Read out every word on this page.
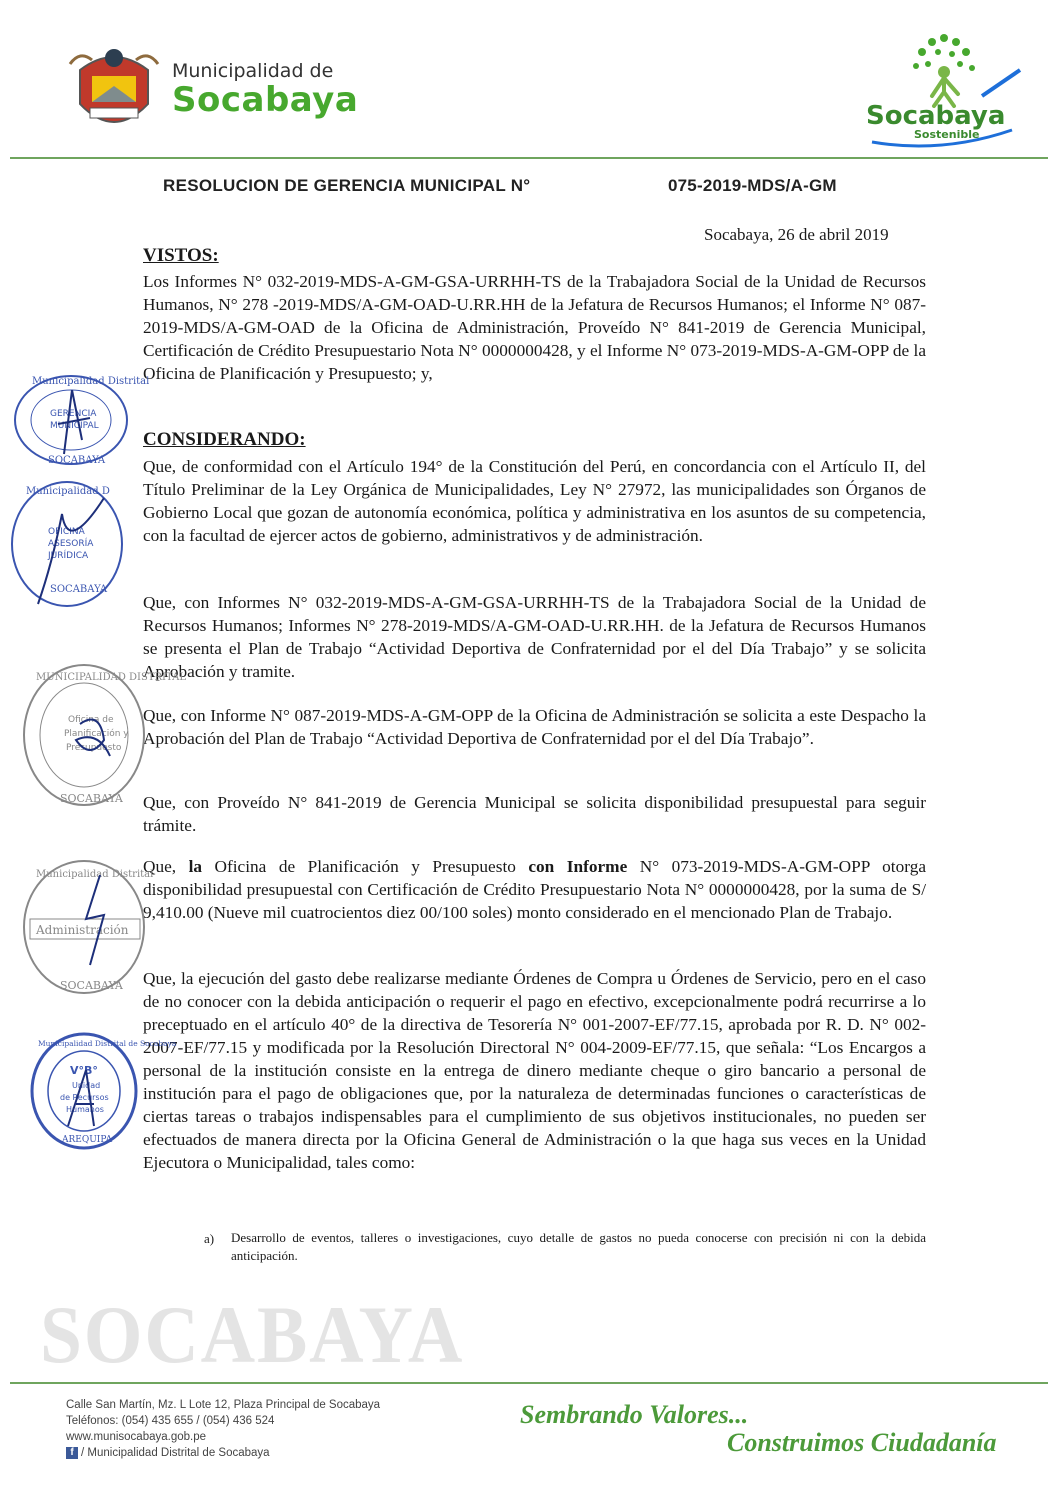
Municipalidad de
Socabaya	Socabaya
Sostenible
RESOLUCION DE GERENCIA MUNICIPAL N°	075-2019-MDS/A-GM
Socabaya, 26 de abril 2019
VISTOS:
Los Informes N° 032-2019-MDS-A-GM-GSA-URRHH-TS de la Trabajadora Social de la Unidad de Recursos Humanos, N° 278 -2019-MDS/A-GM-OAD-U.RR.HH de la Jefatura de Recursos Humanos; el Informe N° 087-2019-MDS/A-GM-OAD de la Oficina de Administración, Proveído N° 841-2019 de Gerencia Municipal, Certificación de Crédito Presupuestario Nota N° 0000000428, y el Informe N° 073-2019-MDS-A-GM-OPP de la Oficina de Planificación y Presupuesto; y,
CONSIDERANDO:
Que, de conformidad con el Artículo 194° de la Constitución del Perú, en concordancia con el Artículo II, del Título Preliminar de la Ley Orgánica de Municipalidades, Ley N° 27972, las municipalidades son Órganos de Gobierno Local que gozan de autonomía económica, política y administrativa en los asuntos de su competencia, con la facultad de ejercer actos de gobierno, administrativos y de administración.
Que, con Informes N° 032-2019-MDS-A-GM-GSA-URRHH-TS de la Trabajadora Social de la Unidad de Recursos Humanos; Informes N° 278-2019-MDS/A-GM-OAD-U.RR.HH. de la Jefatura de Recursos Humanos se presenta el Plan de Trabajo “Actividad Deportiva de Confraternidad por el del Día Trabajo” y se solicita Aprobación y tramite.
Que, con Informe N° 087-2019-MDS-A-GM-OPP de la Oficina de Administración se solicita a este Despacho la Aprobación del Plan de Trabajo “Actividad Deportiva de Confraternidad por el del Día Trabajo”.
Que, con Proveído N° 841-2019 de Gerencia Municipal se solicita disponibilidad presupuestal para seguir trámite.
Que, la Oficina de Planificación y Presupuesto con Informe N° 073-2019-MDS-A-GM-OPP otorga disponibilidad presupuestal con Certificación de Crédito Presupuestario Nota N° 0000000428, por la suma de S/ 9,410.00 (Nueve mil cuatrocientos diez 00/100 soles) monto considerado en el mencionado Plan de Trabajo.
Que, la ejecución del gasto debe realizarse mediante Órdenes de Compra u Órdenes de Servicio, pero en el caso de no conocer con la debida anticipación o requerir el pago en efectivo, excepcionalmente podrá recurrirse a lo preceptuado en el artículo 40° de la directiva de Tesorería N° 001-2007-EF/77.15, aprobada por R. D. N° 002-2007-EF/77.15 y modificada por la Resolución Directoral N° 004-2009-EF/77.15, que señala: “Los Encargos a personal de la institución consiste en la entrega de dinero mediante cheque o giro bancario a personal de institución para el pago de obligaciones que, por la naturaleza de determinadas funciones o características de ciertas tareas o trabajos indispensables para el cumplimiento de sus objetivos institucionales, no pueden ser efectuados de manera directa por la Oficina General de Administración o la que haga sus veces en la Unidad Ejecutora o Municipalidad, tales como:
a) Desarrollo de eventos, talleres o investigaciones, cuyo detalle de gastos no pueda conocerse con precisión ni con la debida anticipación.
Municipalidad Distrital
GERENCIA
MUNICIPAL
SOCABAYA
Municipalidad D
OFICINA
ASESORÍA
JURÍDICA
SOCABAYA
MUNICIPALIDAD DISTRITAL
Oficina de
Planificación y
Presupuesto
SOCABAYA
Municipalidad Distrital
Administración
SOCABAYA
Municipalidad Distrital de Socabaya
V°B°
Unidad
de Recursos
Humanos
AREQUIPA
SOCABAYA
Calle San Martín, Mz. L Lote 12, Plaza Principal de Socabaya
Teléfonos: (054) 435 655 / (054) 436 524
www.munisocabaya.gob.pe
f / Municipalidad Distrital de Socabaya
Sembrando Valores...
Construimos Ciudadanía
